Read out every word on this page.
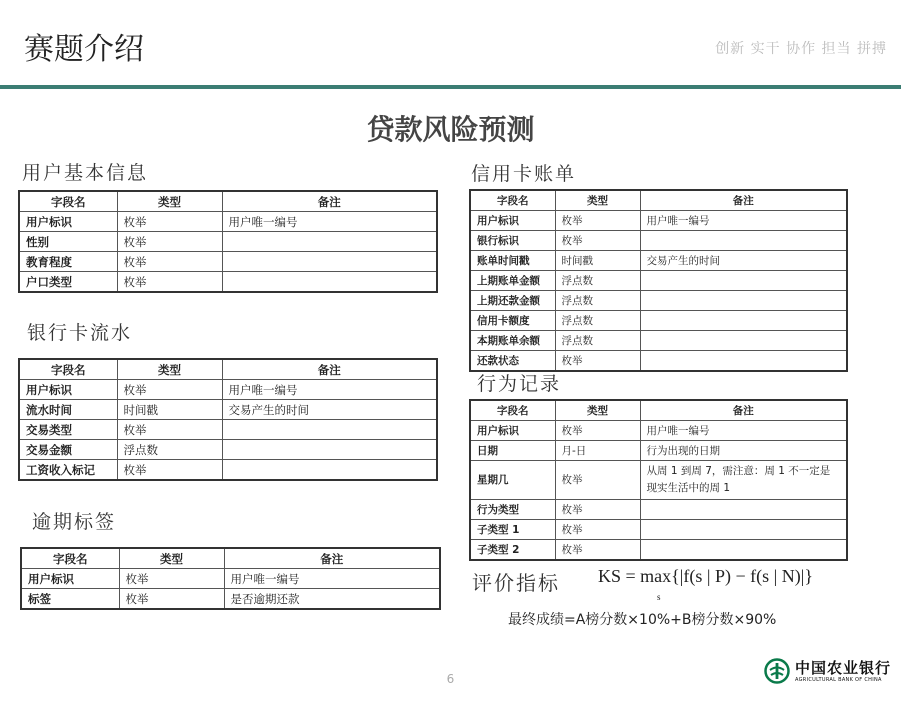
赛题介绍	创新 实干 协作 担当 拼搏
贷款风险预测
用户基本信息
字段名	类型	备注
用户标识	枚举	用户唯一编号
性别	枚举	
教育程度	枚举	
户口类型	枚举	
银行卡流水
字段名	类型	备注
用户标识	枚举	用户唯一编号
流水时间	时间戳	交易产生的时间
交易类型	枚举	
交易金额	浮点数	
工资收入标记	枚举	
逾期标签
字段名	类型	备注
用户标识	枚举	用户唯一编号
标签	枚举	是否逾期还款
信用卡账单
字段名	类型	备注
用户标识	枚举	用户唯一编号
银行标识	枚举	
账单时间戳	时间戳	交易产生的时间
上期账单金额	浮点数	
上期还款金额	浮点数	
信用卡额度	浮点数	
本期账单余额	浮点数	
还款状态	枚举	
行为记录
字段名	类型	备注
用户标识	枚举	用户唯一编号
日期	月-日	行为出现的日期
星期几	枚举	从周 1 到周 7，需注意：周 1 不一定是现实生活中的周 1
行为类型	枚举	
子类型 1	枚举	
子类型 2	枚举	
评价指标 KS = max{|f(s | P) − f(s | N)|}
s
最终成绩=A榜分数×10%+B榜分数×90%
6
中国农业银行
AGRICULTURAL BANK OF CHINA
